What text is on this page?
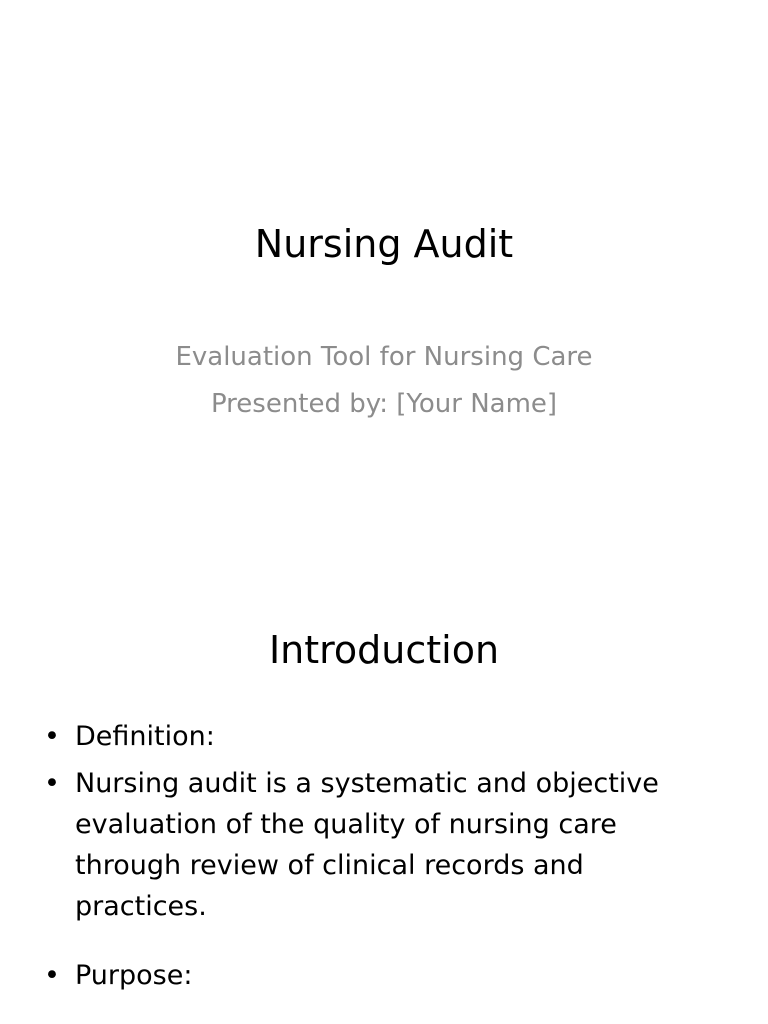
Nursing Audit
Evaluation Tool for Nursing Care
Presented by: [Your Name]
Introduction
• Definition:
• Nursing audit is a systematic and objective evaluation of the quality of nursing care through review of clinical records and practices.
• Purpose:
